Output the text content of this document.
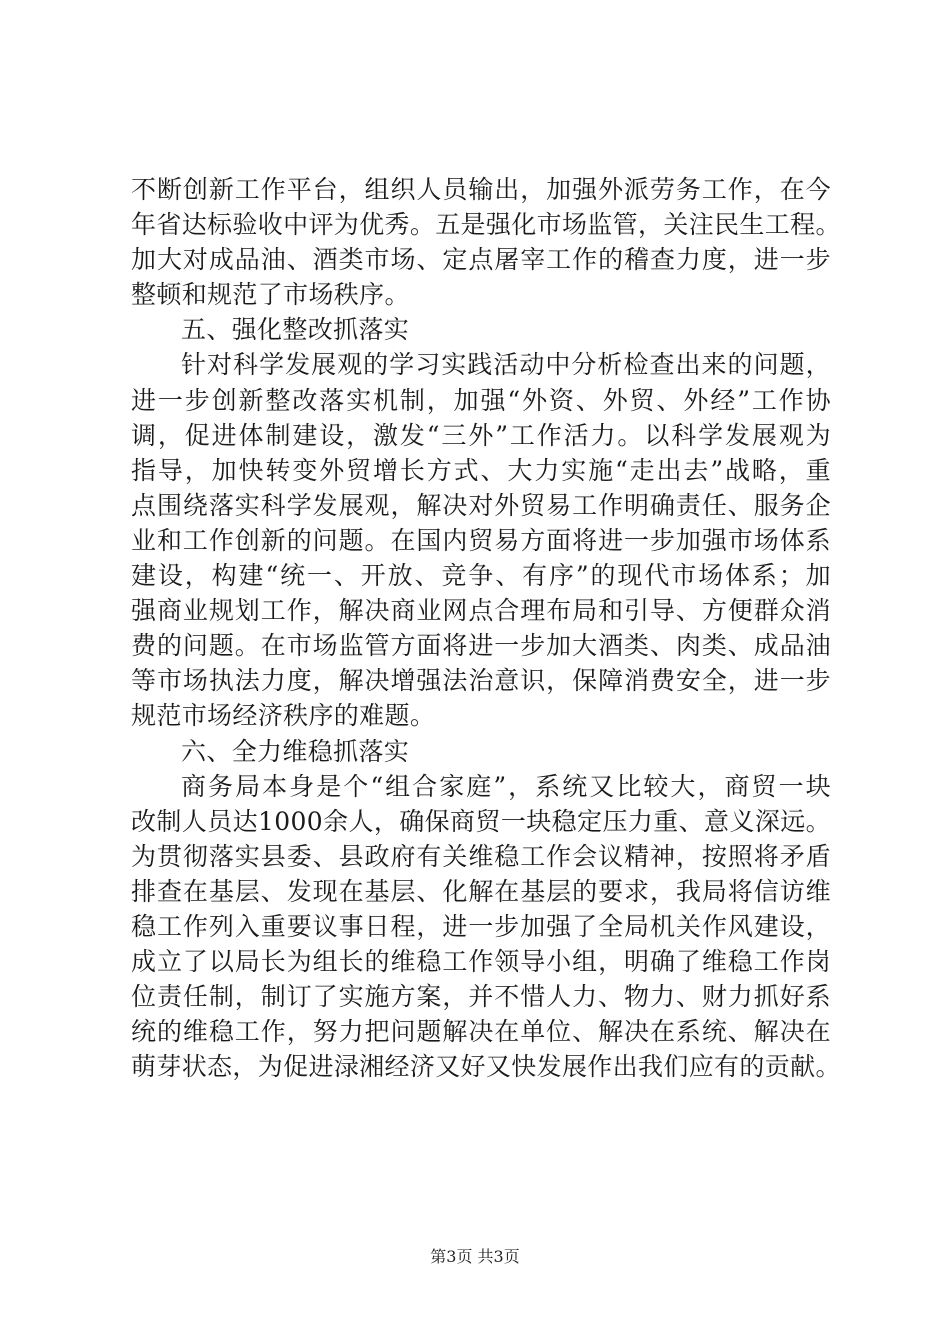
不断创新工作平台，组织人员输出，加强外派劳务工作，在今
年省达标验收中评为优秀。五是强化市场监管，关注民生工程。
加大对成品油、酒类市场、定点屠宰工作的稽查力度，进一步
整顿和规范了市场秩序。

五、强化整改抓落实

针对科学发展观的学习实践活动中分析检查出来的问题，
进一步创新整改落实机制，加强“外资、外贸、外经”工作协
调，促进体制建设，激发“三外”工作活力。以科学发展观为
指导，加快转变外贸增长方式、大力实施“走出去”战略，重
点围绕落实科学发展观，解决对外贸易工作明确责任、服务企
业和工作创新的问题。在国内贸易方面将进一步加强市场体系
建设，构建“统一、开放、竞争、有序”的现代市场体系；加
强商业规划工作，解决商业网点合理布局和引导、方便群众消
费的问题。在市场监管方面将进一步加大酒类、肉类、成品油
等市场执法力度，解决增强法治意识，保障消费安全，进一步
规范市场经济秩序的难题。

六、全力维稳抓落实

商务局本身是个“组合家庭”，系统又比较大，商贸一块
改制人员达1000余人，确保商贸一块稳定压力重、意义深远。
为贯彻落实县委、县政府有关维稳工作会议精神，按照将矛盾
排查在基层、发现在基层、化解在基层的要求，我局将信访维
稳工作列入重要议事日程，进一步加强了全局机关作风建设，
成立了以局长为组长的维稳工作领导小组，明确了维稳工作岗
位责任制，制订了实施方案，并不惜人力、物力、财力抓好系
统的维稳工作，努力把问题解决在单位、解决在系统、解决在
萌芽状态，为促进渌湘经济又好又快发展作出我们应有的贡献。

第3页 共3页
